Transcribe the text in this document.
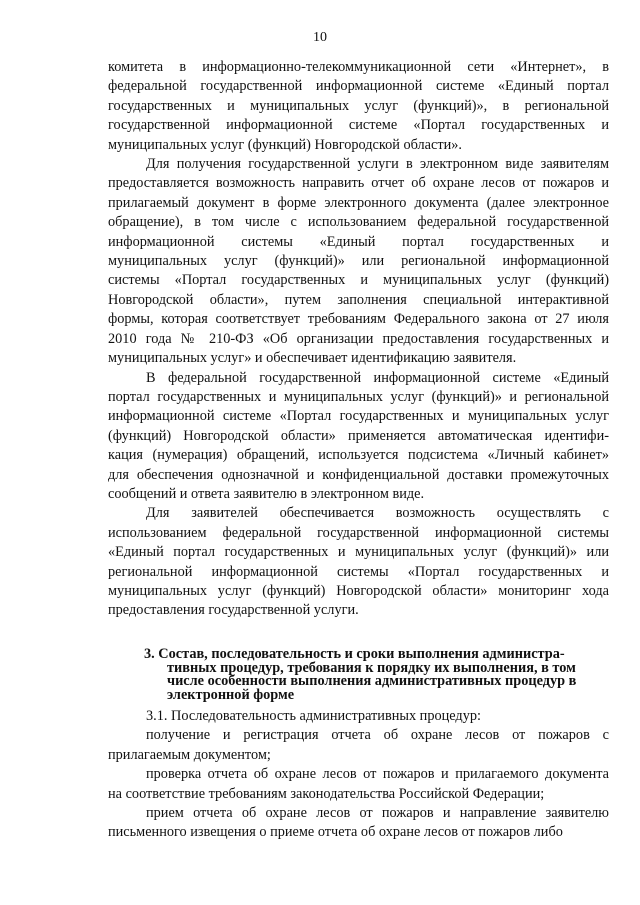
10
комитета в информационно-телекоммуникационной сети «Интернет», в
федеральной государственной информационной системе «Единый портал
государственных и муниципальных услуг (функций)», в региональной
государственной информационной системе «Портал государственных и
муниципальных услуг (функций) Новгородской области».
Для получения государственной услуги в электронном виде заявителям
предоставляется возможность направить отчет об охране лесов от пожаров и
прилагаемый документ в форме электронного документа (далее электронное
обращение), в том числе с использованием федеральной государственной
информационной системы «Единый портал государственных и
муниципальных услуг (функций)» или региональной информационной
системы «Портал государственных и муниципальных услуг (функций)
Новгородской области», путем заполнения специальной интерактивной
формы, которая соответствует требованиям Федерального закона от 27 июля
2010 года № 210-ФЗ «Об организации предоставления государственных и
муниципальных услуг» и обеспечивает идентификацию заявителя.
В федеральной государственной информационной системе «Единый
портал государственных и муниципальных услуг (функций)» и региональной
информационной системе «Портал государственных и муниципальных услуг
(функций) Новгородской области» применяется автоматическая идентифи-
кация (нумерация) обращений, используется подсистема «Личный кабинет»
для обеспечения однозначной и конфиденциальной доставки промежуточных
сообщений и ответа заявителю в электронном виде.
Для заявителей обеспечивается возможность осуществлять с
использованием федеральной государственной информационной системы
«Единый портал государственных и муниципальных услуг (функций)» или
региональной информационной системы «Портал государственных и
муниципальных услуг (функций) Новгородской области» мониторинг хода
предоставления государственной услуги.
3. Состав, последовательность и сроки выполнения администра-
тивных процедур, требования к порядку их выполнения, в том
числе особенности выполнения административных процедур в
электронной форме
3.1. Последовательность административных процедур:
получение и регистрация отчета об охране лесов от пожаров с
прилагаемым документом;
проверка отчета об охране лесов от пожаров и прилагаемого документа
на соответствие требованиям законодательства Российской Федерации;
прием отчета об охране лесов от пожаров и направление заявителю
письменного извещения о приеме отчета об охране лесов от пожаров либо
